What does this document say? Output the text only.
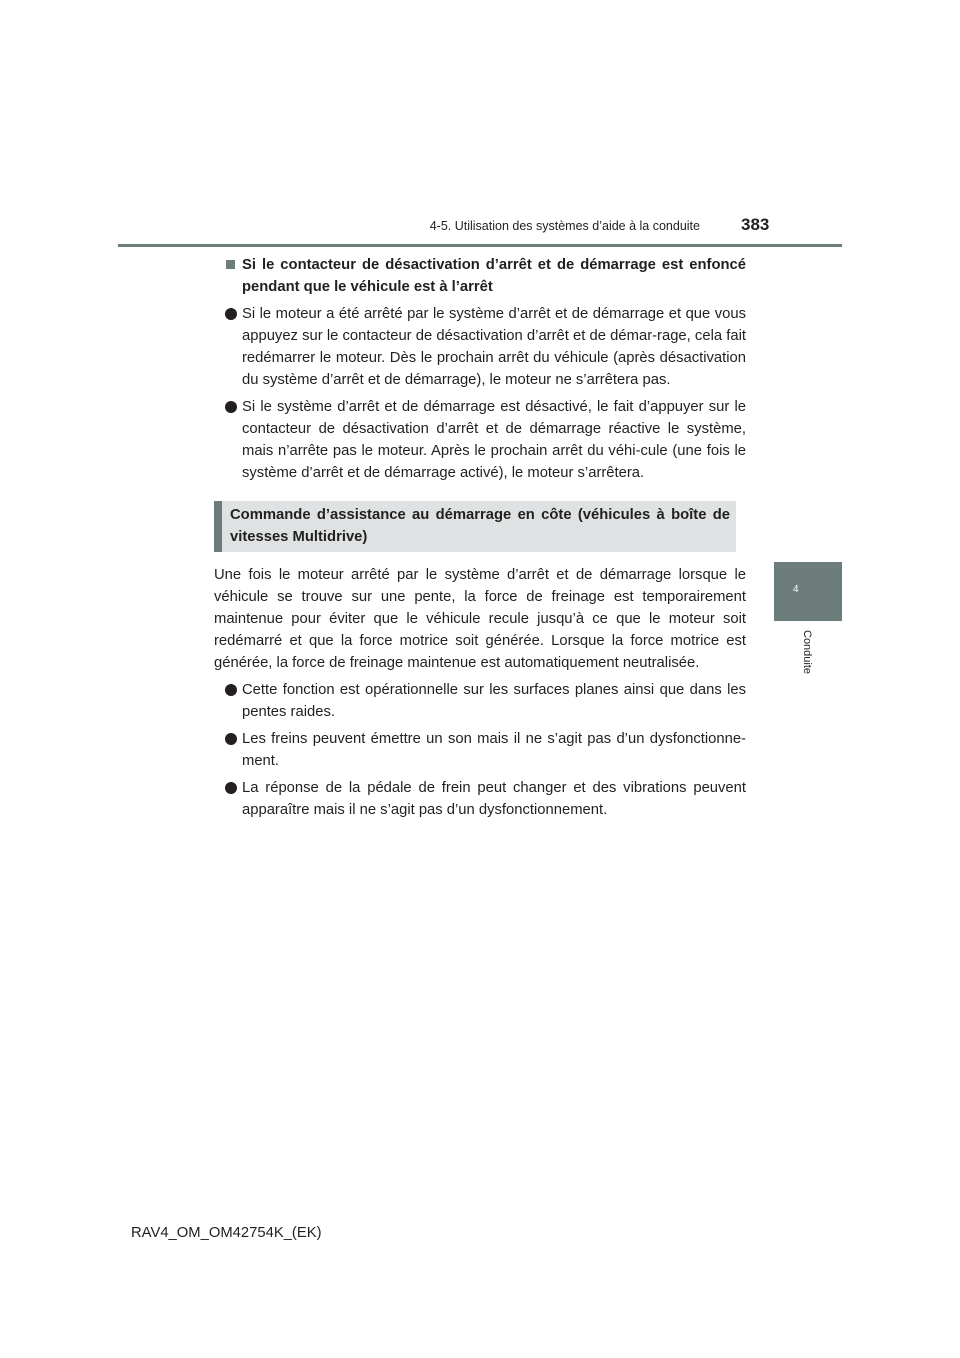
4-5. Utilisation des systèmes d’aide à la conduite 383
4
Conduite
Si le contacteur de désactivation d’arrêt et de démarrage est enfoncé pendant que le véhicule est à l’arrêt
Si le moteur a été arrêté par le système d’arrêt et de démarrage et que vous appuyez sur le contacteur de désactivation d’arrêt et de démar-rage, cela fait redémarrer le moteur. Dès le prochain arrêt du véhicule (après désactivation du système d’arrêt et de démarrage), le moteur ne s’arrêtera pas.
Si le système d’arrêt et de démarrage est désactivé, le fait d’appuyer sur le contacteur de désactivation d’arrêt et de démarrage réactive le système, mais n’arrête pas le moteur. Après le prochain arrêt du véhi-cule (une fois le système d’arrêt et de démarrage activé), le moteur s’arrêtera.
Commande d’assistance au démarrage en côte (véhicules à boîte de vitesses Multidrive)

Une fois le moteur arrêté par le système d’arrêt et de démarrage lorsque le véhicule se trouve sur une pente, la force de freinage est temporairement maintenue pour éviter que le véhicule recule jusqu’à ce que le moteur soit redémarré et que la force motrice soit générée. Lorsque la force motrice est générée, la force de freinage maintenue est automatiquement neutralisée.

Cette fonction est opérationnelle sur les surfaces planes ainsi que dans les pentes raides.
Les freins peuvent émettre un son mais il ne s’agit pas d’un dysfonctionne-ment.
La réponse de la pédale de frein peut changer et des vibrations peuvent apparaître mais il ne s’agit pas d’un dysfonctionnement.
RAV4_OM_OM42754K_(EK)
